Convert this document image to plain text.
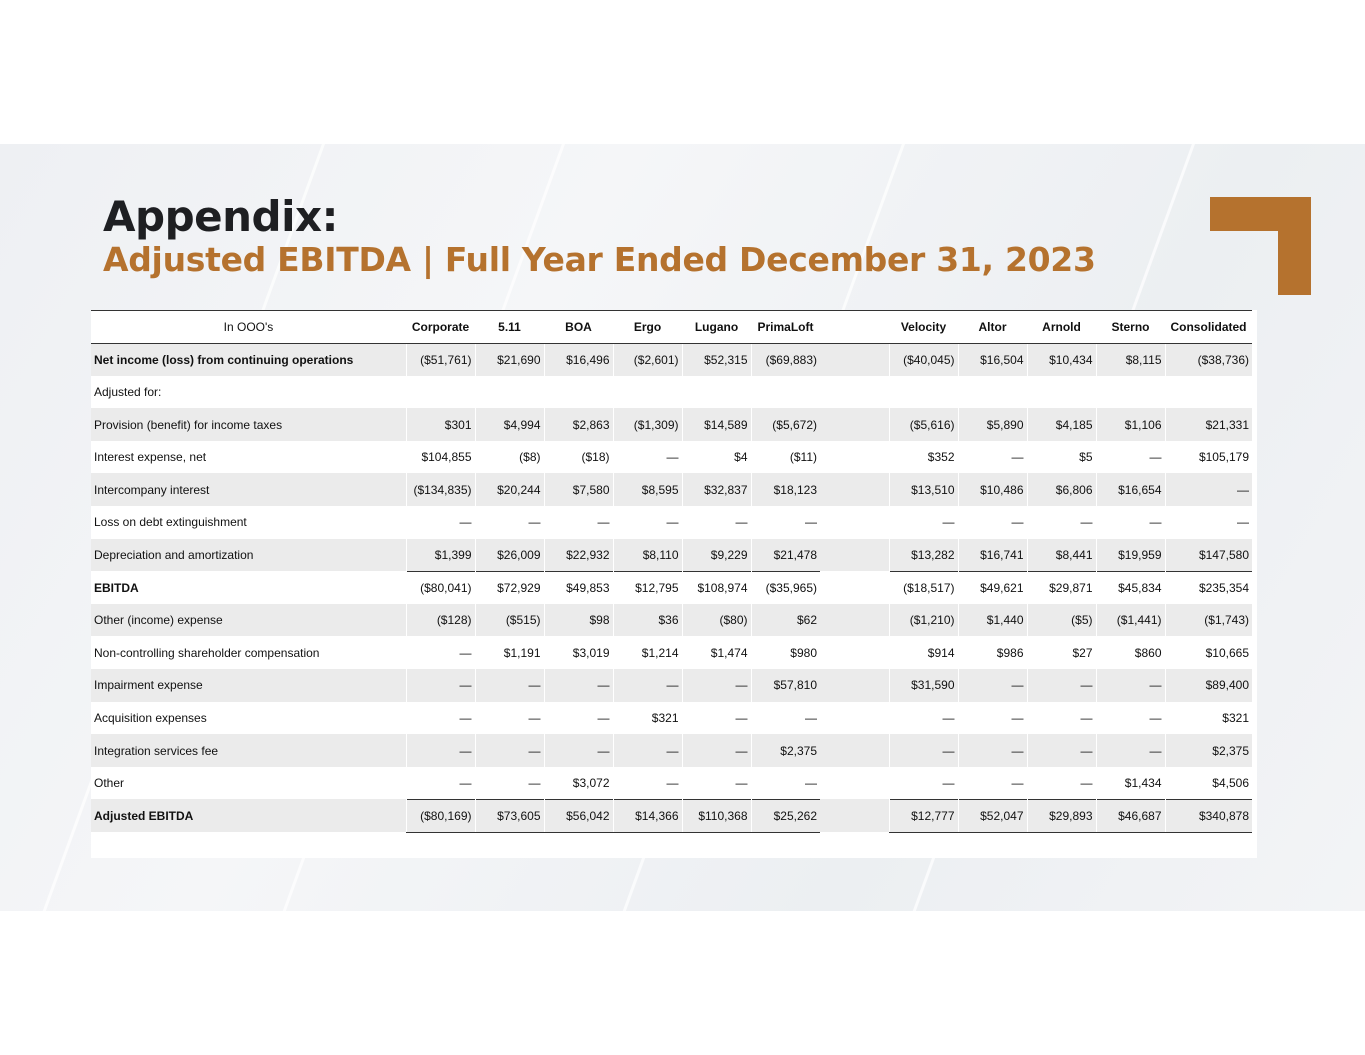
Appendix:
Adjusted EBITDA | Full Year Ended December 31, 2023
In OOO's	Corporate	5.11	BOA	Ergo	Lugano	PrimaLoft		Velocity	Altor	Arnold	Sterno	Consolidated
Net income (loss) from continuing operations	($51,761)	$21,690	$16,496	($2,601)	$52,315	($69,883)		($40,045)	$16,504	$10,434	$8,115	($38,736)
Adjusted for:												
Provision (benefit) for income taxes	$301	$4,994	$2,863	($1,309)	$14,589	($5,672)		($5,616)	$5,890	$4,185	$1,106	$21,331
Interest expense, net	$104,855	($8)	($18)	—	$4	($11)		$352	—	$5	—	$105,179
Intercompany interest	($134,835)	$20,244	$7,580	$8,595	$32,837	$18,123		$13,510	$10,486	$6,806	$16,654	—
Loss on debt extinguishment	—	—	—	—	—	—		—	—	—	—	—
Depreciation and amortization	$1,399	$26,009	$22,932	$8,110	$9,229	$21,478		$13,282	$16,741	$8,441	$19,959	$147,580
EBITDA	($80,041)	$72,929	$49,853	$12,795	$108,974	($35,965)		($18,517)	$49,621	$29,871	$45,834	$235,354
Other (income) expense	($128)	($515)	$98	$36	($80)	$62		($1,210)	$1,440	($5)	($1,441)	($1,743)
Non-controlling shareholder compensation	—	$1,191	$3,019	$1,214	$1,474	$980		$914	$986	$27	$860	$10,665
Impairment expense	—	—	—	—	—	$57,810		$31,590	—	—	—	$89,400
Acquisition expenses	—	—	—	$321	—	—		—	—	—	—	$321
Integration services fee	—	—	—	—	—	$2,375		—	—	—	—	$2,375
Other	—	—	$3,072	—	—	—		—	—	—	$1,434	$4,506
Adjusted EBITDA	($80,169)	$73,605	$56,042	$14,366	$110,368	$25,262		$12,777	$52,047	$29,893	$46,687	$340,878
